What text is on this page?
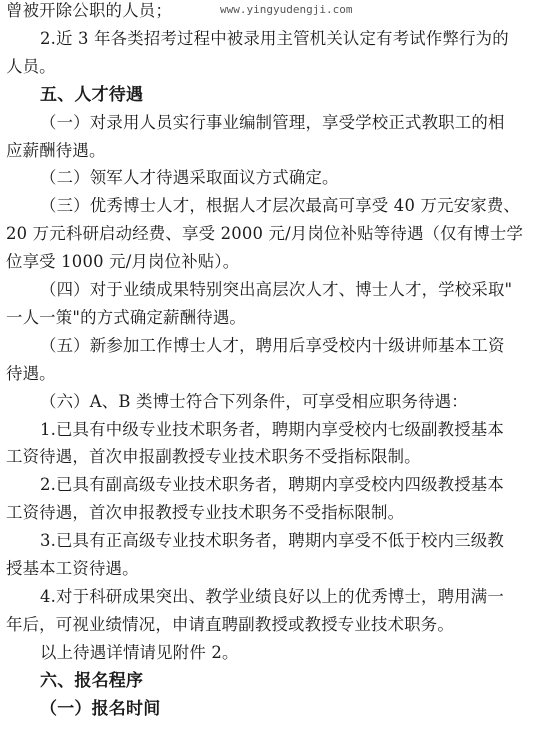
www.yingyudengji.com
曾被开除公职的人员；
2.近 3 年各类招考过程中被录用主管机关认定有考试作弊行为的
人员。
五、人才待遇
（一）对录用人员实行事业编制管理，享受学校正式教职工的相
应薪酬待遇。
（二）领军人才待遇采取面议方式确定。
（三）优秀博士人才，根据人才层次最高可享受 40 万元安家费、
20 万元科研启动经费、享受 2000 元/月岗位补贴等待遇（仅有博士学
位享受 1000 元/月岗位补贴）。
（四）对于业绩成果特别突出高层次人才、博士人才，学校采取"
一人一策"的方式确定薪酬待遇。
（五）新参加工作博士人才，聘用后享受校内十级讲师基本工资
待遇。
（六）A、B 类博士符合下列条件，可享受相应职务待遇：
1.已具有中级专业技术职务者，聘期内享受校内七级副教授基本
工资待遇，首次申报副教授专业技术职务不受指标限制。
2.已具有副高级专业技术职务者，聘期内享受校内四级教授基本
工资待遇，首次申报教授专业技术职务不受指标限制。
3.已具有正高级专业技术职务者，聘期内享受不低于校内三级教
授基本工资待遇。
4.对于科研成果突出、教学业绩良好以上的优秀博士，聘用满一
年后，可视业绩情况，申请直聘副教授或教授专业技术职务。
以上待遇详情请见附件 2。
六、报名程序
（一）报名时间
